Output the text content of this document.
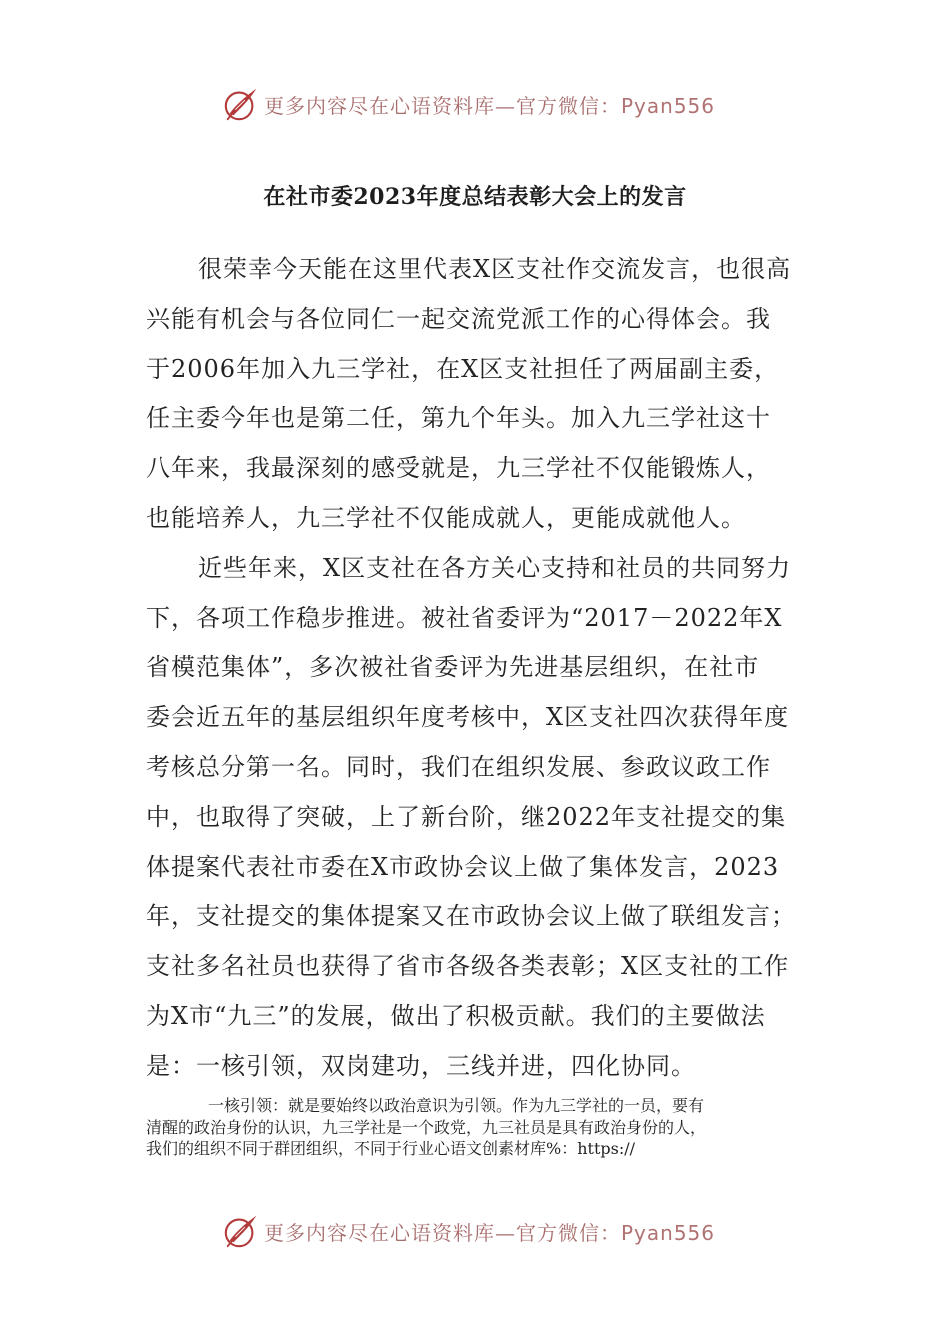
更多内容尽在心语资料库—官方微信：Pyan556
在社市委2023年度总结表彰大会上的发言
很荣幸今天能在这里代表X区支社作交流发言，也很高
兴能有机会与各位同仁一起交流党派工作的心得体会。我
于2006年加入九三学社，在X区支社担任了两届副主委，
任主委今年也是第二任，第九个年头。加入九三学社这十
八年来，我最深刻的感受就是，九三学社不仅能锻炼人，
也能培养人，九三学社不仅能成就人，更能成就他人。
近些年来，X区支社在各方关心支持和社员的共同努力
下，各项工作稳步推进。被社省委评为“2017－2022年X
省模范集体”，多次被社省委评为先进基层组织，在社市
委会近五年的基层组织年度考核中，X区支社四次获得年度
考核总分第一名。同时，我们在组织发展、参政议政工作
中，也取得了突破，上了新台阶，继2022年支社提交的集
体提案代表社市委在X市政协会议上做了集体发言，2023
年，支社提交的集体提案又在市政协会议上做了联组发言；
支社多名社员也获得了省市各级各类表彰；X区支社的工作
为X市“九三”的发展，做出了积极贡献。我们的主要做法
是：一核引领，双岗建功，三线并进，四化协同。
一核引领：就是要始终以政治意识为引领。作为九三学社的一员，要有
清醒的政治身份的认识，九三学社是一个政党，九三社员是具有政治身份的人，
我们的组织不同于群团组织，不同于行业心语文创素材库%：https://
更多内容尽在心语资料库—官方微信：Pyan556
